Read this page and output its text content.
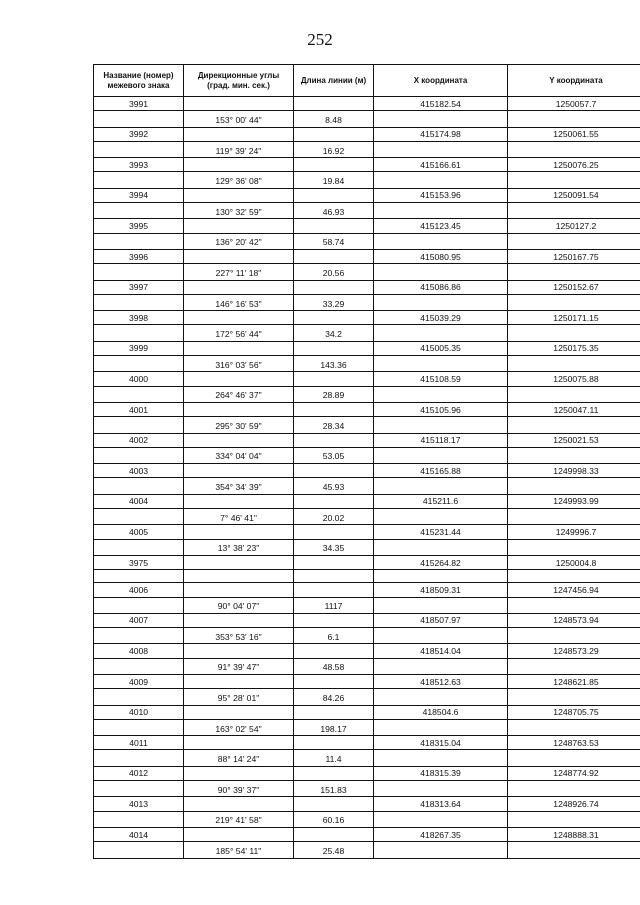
252
Название (номер) межевого знака	Дирекционные углы (град. мин. сек.)	Длина линии (м)	X координата	Y координата
3991			415182.54	1250057.7
	153° 00' 44"	8.48		
3992			415174.98	1250061.55
	119° 39' 24"	16.92		
3993			415166.61	1250076.25
	129° 36' 08"	19.84		
3994			415153.96	1250091.54
	130° 32' 59"	46.93		
3995			415123.45	1250127.2
	136° 20' 42"	58.74		
3996			415080.95	1250167.75
	227° 11' 18"	20.56		
3997			415086.86	1250152.67
	146° 16' 53"	33.29		
3998			415039.29	1250171.15
	172° 56' 44"	34.2		
3999			415005.35	1250175.35
	316° 03' 56"	143.36		
4000			415108.59	1250075.88
	264° 46' 37"	28.89		
4001			415105.96	1250047.11
	295° 30' 59"	28.34		
4002			415118.17	1250021.53
	334° 04' 04"	53.05		
4003			415165.88	1249998.33
	354° 34' 39"	45.93		
4004			415211.6	1249993.99
	7° 46' 41"	20.02		
4005			415231.44	1249996.7
	13° 38' 23"	34.35		
3975			415264.82	1250004.8

4006			418509.31	1247456.94
	90° 04' 07"	1117		
4007			418507.97	1248573.94
	353° 53' 16"	6.1		
4008			418514.04	1248573.29
	91° 39' 47"	48.58		
4009			418512.63	1248621.85
	95° 28' 01"	84.26		
4010			418504.6	1248705.75
	163° 02' 54"	198.17		
4011			418315.04	1248763.53
	88° 14' 24"	11.4		
4012			418315.39	1248774.92
	90° 39' 37"	151.83		
4013			418313.64	1248926.74
	219° 41' 58"	60.16		
4014			418267.35	1248888.31
	185° 54' 11"	25.48		
